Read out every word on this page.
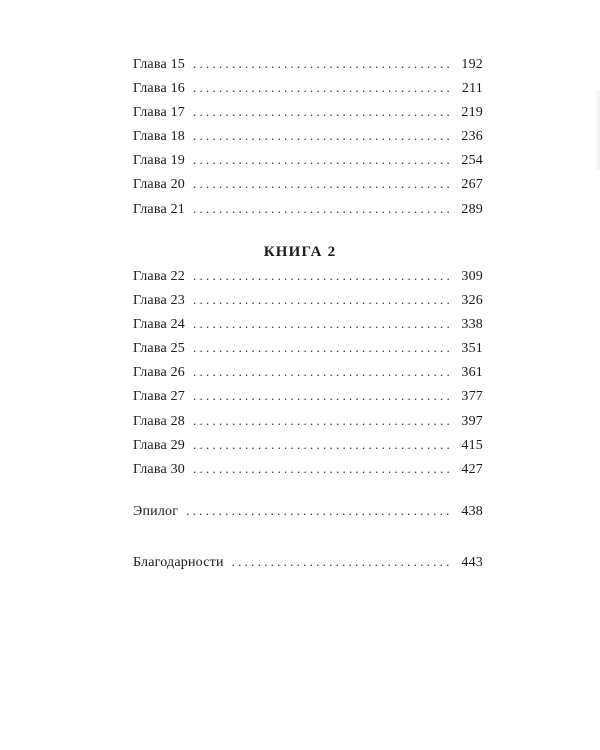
Глава 15 . . .	192
Глава 16 . . .	211
Глава 17 . . .	219
Глава 18 . . .	236
Глава 19 . . .	254
Глава 20 . . .	267
Глава 21 . . .	289
КНИГА 2
Глава 22 . . .	309
Глава 23 . . .	326
Глава 24 . . .	338
Глава 25 . . .	351
Глава 26 . . .	361
Глава 27 . . .	377
Глава 28 . . .	397
Глава 29 . . .	415
Глава 30 . . .	427
Эпилог . . .	438
Благодарности . . .	443
